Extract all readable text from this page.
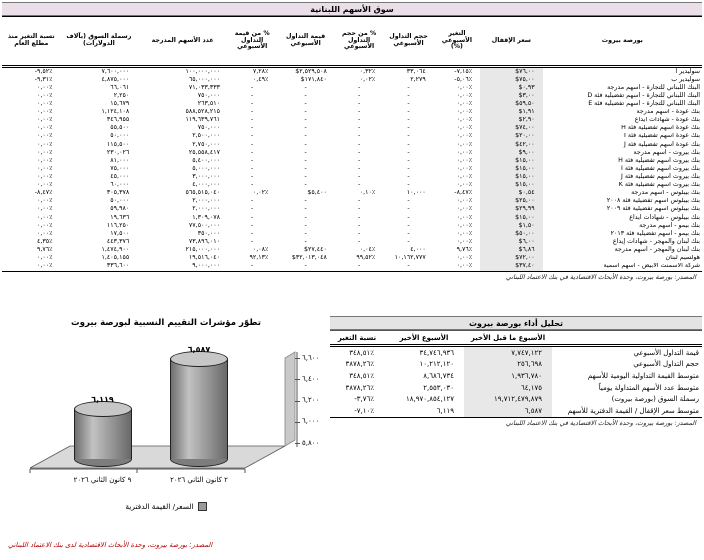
سوق الأسهم اللبنانية
بورصة بيروت	سعر الإقفال	التغير الأسبوعي (%)	حجم التداول الأسبوعي	% من حجم التداول الأسبوعي	قيمة التداول الأسبوعي	% من قيمة التداول الأسبوعي	عدد الأسهم المدرجة	رسملة السوق (بآلاف الدولارات)	نسبة التغير منذ مطلع العام
سوليدير أ	$٧٦,٠٠	-٧,١٥٪	٣٣,٠٦٤	٠,٣٢٪	$٢,٥٢٩,٥٠٨	٧,٢٨٪	١٠٠,٠٠٠,٠٠٠	٧,٦٠٠,٠٠٠	-٩,٥٢٪
سوليدير ب	$٧٥,٠٠	-٥,٠٦٪	٢,٢٧٩	٠,٠٢٪	$١٧١,٨٤٠	٠,٤٩٪	٦٥,٠٠٠,٠٠٠	٤,٨٧٥,٠٠٠	-٩,٣١٪
البنك اللبناني للتجارة - أسهم مدرجة	$٠,٩٣	٠,٠٠٪	-	-	-	-	٧١,٠٣٣,٣٣٣	٦٦,٠٦١	٠,٠٠٪
البنك اللبناني للتجارة - أسهم تفضيلية فئة D	$٣,٠٠	٠,٠٠٪	-	-	-	-	٧٥٠,٠٠٠	٢,٢٥٠	٠,٠٠٪
البنك اللبناني للتجارة - أسهم تفضيلية فئة E	$٥٩,٥٠	٠,٠٠٪	-	-	-	-	٢٦٣,٥١٠	١٥,٦٧٩	٠,٠٠٪
بنك عودة - أسهم مدرجة	$١,٩١	٠,٠٠٪	-	-	-	-	٥٨٨,٥٢٨,٢١٥	١,١٢٤,١٠٨	٠,٠٠٪
بنك عودة - شهادات ايداع	$٢,٩٠	٠,٠٠٪	-	-	-	-	١١٩,٦٣٩,٧٦١	٣٤٦,٩٥٥	٠,٠٠٪
بنك عودة أسهم تفضيلية فئة H	$٧٤,٠٠	٠,٠٠٪	-	-	-	-	٧٥٠,٠٠٠	٥٥,٥٠٠	٠,٠٠٪
بنك عودة أسهم تفضيلية فئة I	$٢٠,٠٠	٠,٠٠٪	-	-	-	-	٢,٥٠٠,٠٠٠	٥٠,٠٠٠	٠,٠٠٪
بنك عودة أسهم تفضيلية فئة J	$٤٢,٠٠	٠,٠٠٪	-	-	-	-	٢,٧٥٠,٠٠٠	١١٥,٥٠٠	٠,٠٠٪
بنك بيروت - أسهم مدرجة	$٩,٠٠	٠,٠٠٪	-	-	-	-	٢٥,٥٥٨,٤١٧	٢٣٠,٠٢٦	٠,٠٠٪
بنك بيروت أسهم تفضيلية فئة H	$١٥,٠٠	٠,٠٠٪	-	-	-	-	٥,٤٠٠,٠٠٠	٨١,٠٠٠	٠,٠٠٪
بنك بيروت أسهم تفضيلية فئة I	$١٥,٠٠	٠,٠٠٪	-	-	-	-	٥,٠٠٠,٠٠٠	٧٥,٠٠٠	٠,٠٠٪
بنك بيروت أسهم تفضيلية فئة J	$١٥,٠٠	٠,٠٠٪	-	-	-	-	٣,٠٠٠,٠٠٠	٤٥,٠٠٠	٠,٠٠٪
بنك بيروت أسهم تفضيلية فئة K	$١٥,٠٠	٠,٠٠٪	-	-	-	-	٤,٠٠٠,٠٠٠	٦٠,٠٠٠	٠,٠٠٪
بنك بيبلوس - أسهم مدرجة	$٠,٥٤	-٨,٤٧٪	١٠,٠٠٠	٠,١٠٪	$٥,٤٠٠	٠,٠٢٪	٥٦٥,٥١٥,٠٤٠	٣٠٥,٣٧٨	-٨,٤٧٪
بنك بيبلوس أسهم تفضيلية فئة ٢٠٠٨	$٢٥,٠٠	٠,٠٠٪	-	-	-	-	٢,٠٠٠,٠٠٠	٥٠,٠٠٠	٠,٠٠٪
بنك بيبلوس أسهم تفضيلية فئة ٢٠٠٩	$٢٩,٩٩	٠,٠٠٪	-	-	-	-	٢,٠٠٠,٠٠٠	٥٩,٩٨٠	٠,٠٠٪
بنك بيبلوس - شهادات ايداع	$١٥,٠٠	٠,٠٠٪	-	-	-	-	١,٣٠٩,٠٧٨	١٩,٦٣٦	٠,٠٠٪
بنك بيمو - أسهم مدرجة	$١,٥٠	٠,٠٠٪	-	-	-	-	٧٧,٥٠٠,٠٠٠	١١٦,٢٥٠	٠,٠٠٪
بنك بيمو - أسهم تفضيلية فئة ٢٠١٣	$٥٠,٠٠	٠,٠٠٪	-	-	-	-	٣٥٠,٠٠٠	١٧,٥٠٠	٠,٠٠٪
بنك لبنان والمهجر - شهادات إيداع	$٦,٠٠	٠,٠٠٪	-	-	-	-	٧٣,٨٩٦,٠١٠	٤٤٣,٣٧٦	٤,٣٥٪
بنك لبنان والمهجر - أسهم مدرجة	$٦,٨٦	٩,٧٦٪	٤,٠٠٠	٠,٠٤٪	$٢٧,٤٤٠	٠,٠٨٪	٢١٥,٠٠٠,٠٠٠	١,٤٧٤,٩٠٠	٩,٧٦٪
هولسيم لبنان	$٧٢,٠٠	٠,٠٠٪	١٠,١٦٢,٧٧٧	٩٩,٥٢٪	$٣٢,٠١٣,٠٤٨	٩٢,١٣٪	١٩,٥١٦,٠٤٠	١,٤٠٥,١٥٥	٠,٠٠٪
شركة الاسمنت الابيض - أسهم اسمية	$٣٧,٤٠	٠,٠٠٪	-	-	-	-	٩,٠٠٠,٠٠٠	٣٣٦,٦٠٠	٠,٠٠٪
المصدر: بورصة بيروت، وحدة الأبحاث الاقتصادية في بنك الاعتماد اللبناني
تطوّر مؤشرات التقييم النسبية لبورصة بيروت
٦,٥٨٧
٢ كانون الثاني ٢٠٢٦
٦,١١٩
٩ كانون الثاني ٢٠٢٦
٥,٨٠٠
٦,٠٠٠
٦,٢٠٠
٦,٤٠٠
٦,٦٠٠
السعر/ القيمة الدفترية
المصدر: بورصة بيروت، وحدة الأبحاث الاقتصادية لدى بنك الاعتماد اللبناني
تحليل أداء بورصة بيروت
	الأسبوع ما قبل الأخير	الأسبوع الأخير	نسبة التغير
قيمة التداول الأسبوعي	٧,٧٤٧,١٢٢	٣٤,٧٤٦,٩٣٦	٣٤٨,٥١٪
حجم التداول الأسبوعي	٢٥٦,٦٩٨	١٠,٢١٢,١٢٠	٣٨٧٨,٢٦٪
متوسط القيمة التداولية اليومية للأسهم	١,٩٣٦,٧٨٠	٨,٦٨٦,٧٣٤	٣٤٨,٥١٪
متوسط عدد الأسهم المتداولة يومياً	٦٤,١٧٥	٢,٥٥٣,٠٣٠	٣٨٧٨,٢٦٪
رسملة السوق (بورصة بيروت)	١٩,٧١٢,٤٧٩,٨٧٩	١٨,٩٧٠,٨٥٤,١٢٧	-٣,٧٦٪
متوسط سعر الإقفال / القيمة الدفترية للأسهم	٦,٥٨٧	٦,١١٩	-٧,١٠٪
المصدر: بورصة بيروت، وحدة الأبحاث الاقتصادية في بنك الاعتماد اللبناني
